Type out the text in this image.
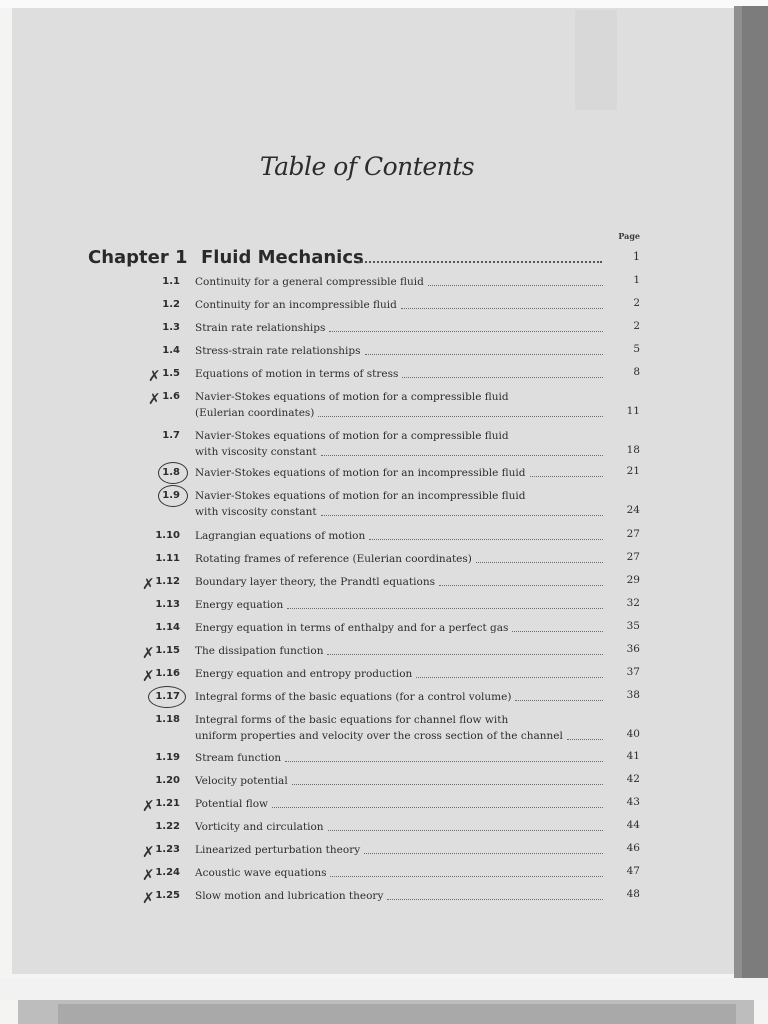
Table of Contents
Page
Chapter 1 Fluid Mechanics	1
1.1 Continuity for a general compressible fluid	1
1.2 Continuity for an incompressible fluid	2
1.3 Strain rate relationships	2
1.4 Stress-strain rate relationships	5
1.5 Equations of motion in terms of stress	8
✗
1.6 Navier-Stokes equations of motion for a compressible fluid
(Eulerian coordinates)	11
✗
1.7 Navier-Stokes equations of motion for a compressible fluid
with viscosity constant	18
1.8 Navier-Stokes equations of motion for an incompressible fluid	21
1.9 Navier-Stokes equations of motion for an incompressible fluid
with viscosity constant	24
1.10 Lagrangian equations of motion	27
1.11 Rotating frames of reference (Eulerian coordinates)	27
1.12 Boundary layer theory, the Prandtl equations	29
✗
1.13 Energy equation	32
1.14 Energy equation in terms of enthalpy and for a perfect gas	35
1.15 The dissipation function	36
✗
1.16 Energy equation and entropy production	37
✗
1.17 Integral forms of the basic equations (for a control volume)	38
1.18 Integral forms of the basic equations for channel flow with
uniform properties and velocity over the cross section of the channel	40
1.19 Stream function	41
1.20 Velocity potential	42
1.21 Potential flow	43
✗
1.22 Vorticity and circulation	44
1.23 Linearized perturbation theory	46
✗
1.24 Acoustic wave equations	47
✗
1.25 Slow motion and lubrication theory	48
✗
